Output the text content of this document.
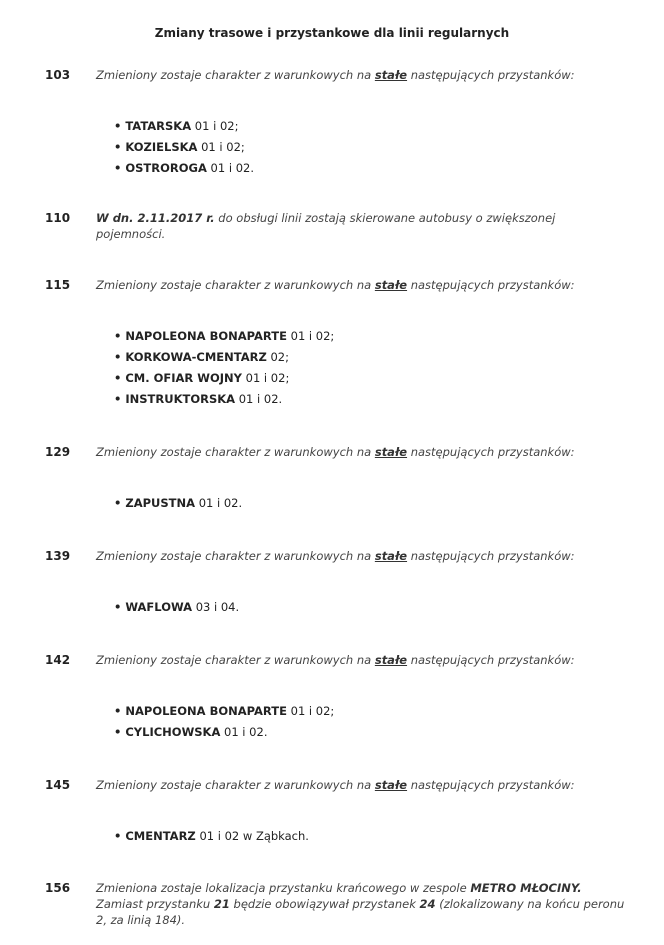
Zmiany trasowe i przystankowe dla linii regularnych
103 Zmieniony zostaje charakter z warunkowych na stałe następujących przystanków:
• TATARSKA 01 i 02;
• KOZIELSKA 01 i 02;
• OSTROROGA 01 i 02.
110 W dn. 2.11.2017 r. do obsługi linii zostają skierowane autobusy o zwiększonej pojemności.
115 Zmieniony zostaje charakter z warunkowych na stałe następujących przystanków:
• NAPOLEONA BONAPARTE 01 i 02;
• KORKOWA-CMENTARZ 02;
• CM. OFIAR WOJNY 01 i 02;
• INSTRUKTORSKA 01 i 02.
129 Zmieniony zostaje charakter z warunkowych na stałe następujących przystanków:
• ZAPUSTNA 01 i 02.
139 Zmieniony zostaje charakter z warunkowych na stałe następujących przystanków:
• WAFLOWA 03 i 04.
142 Zmieniony zostaje charakter z warunkowych na stałe następujących przystanków:
• NAPOLEONA BONAPARTE 01 i 02;
• CYLICHOWSKA 01 i 02.
145 Zmieniony zostaje charakter z warunkowych na stałe następujących przystanków:
• CMENTARZ 01 i 02 w Ząbkach.
156 Zmieniona zostaje lokalizacja przystanku krańcowego w zespole METRO MŁOCINY. Zamiast przystanku 21 będzie obowiązywał przystanek 24 (zlokalizowany na końcu peronu 2, za linią 184).
